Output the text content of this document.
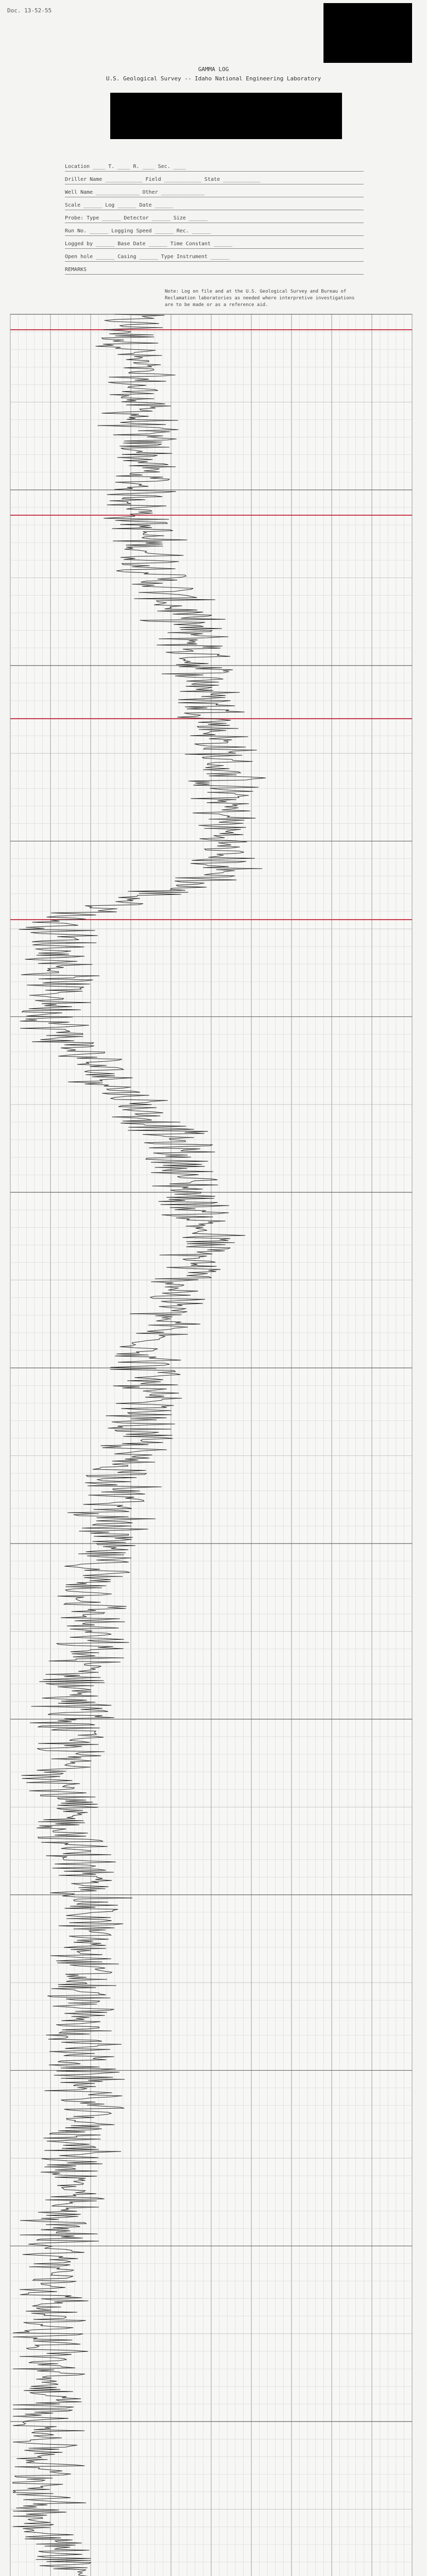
Doc. 13-52-55
GAMMA LOG
U.S. Geological Survey -- Idaho National Engineering Laboratory
Location ____ T. ____ R. ____ Sec. ____
Driller Name ____________ Field ____________ State ____________
Well Name ______________ Other ______________
Scale ______ Log ______ Date ______
Probe: Type ______ Detector ______ Size ______
Run No. ______ Logging Speed ______ Rec. ______
Logged by ______ Base Date ______ Time Constant ______
Open hole ______ Casing ______ Type Instrument ______
REMARKS
Note: Log on file and at the U.S. Geological Survey and Bureau of Reclamation laboratories as needed where interpretive investigations are to be made or as a reference aid.
